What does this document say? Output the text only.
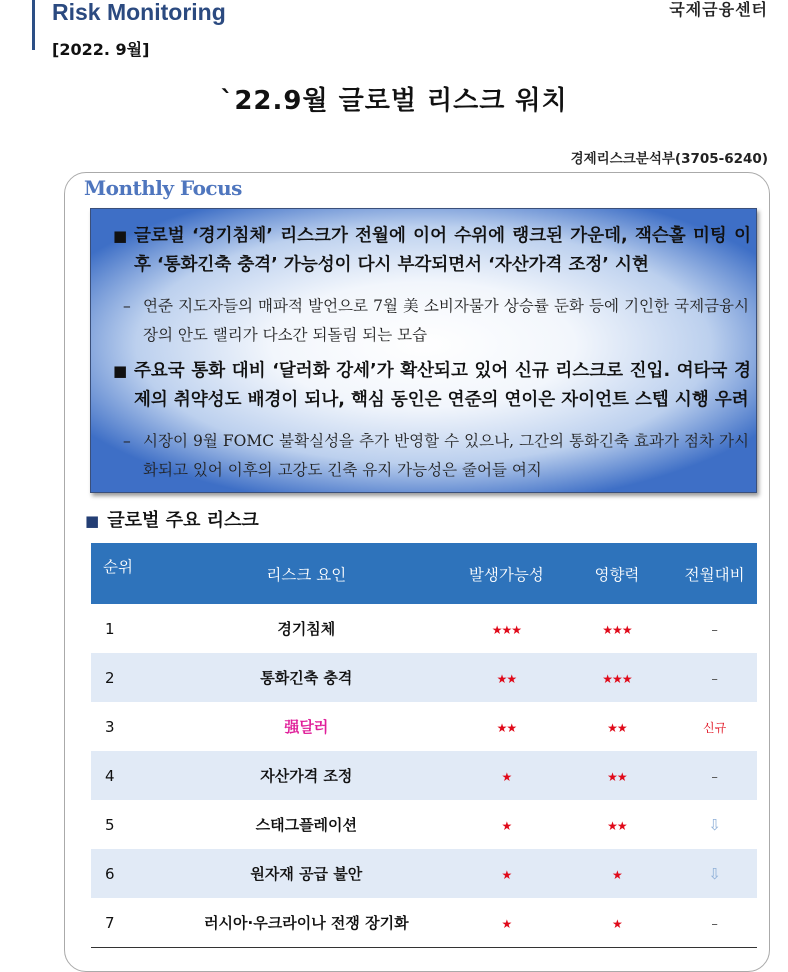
Risk Monitoring
[2022. 9월]
국제금융센터
`22.9월 글로벌 리스크 워치
경제리스크분석부(3705-6240)
Monthly Focus
■ 글로벌 ‘경기침체’ 리스크가 전월에 이어 수위에 랭크된 가운데, 잭슨홀 미팅 이후 ‘통화긴축 충격’ 가능성이 다시 부각되면서 ‘자산가격 조정’ 시현
– 연준 지도자들의 매파적 발언으로 7월 美 소비자물가 상승률 둔화 등에 기인한 국제금융시장의 안도 랠리가 다소간 되돌림 되는 모습
■ 주요국 통화 대비 ‘달러화 강세’가 확산되고 있어 신규 리스크로 진입. 여타국 경제의 취약성도 배경이 되나, 핵심 동인은 연준의 연이은 자이언트 스텝 시행 우려
– 시장이 9월 FOMC 불확실성을 추가 반영할 수 있으나, 그간의 통화긴축 효과가 점차 가시화되고 있어 이후의 고강도 긴축 유지 가능성은 줄어들 여지
■ 글로벌 주요 리스크
순위	리스크 요인	발생가능성	영향력	전월대비
1	경기침체	★★★	★★★	–
2	통화긴축 충격	★★	★★★	–
3	强달러	★★	★★	신규
4	자산가격 조정	★	★★	–
5	스태그플레이션	★	★★	⇩
6	원자재 공급 불안	★	★	⇩
7	러시아·우크라이나 전쟁 장기화	★	★	–
